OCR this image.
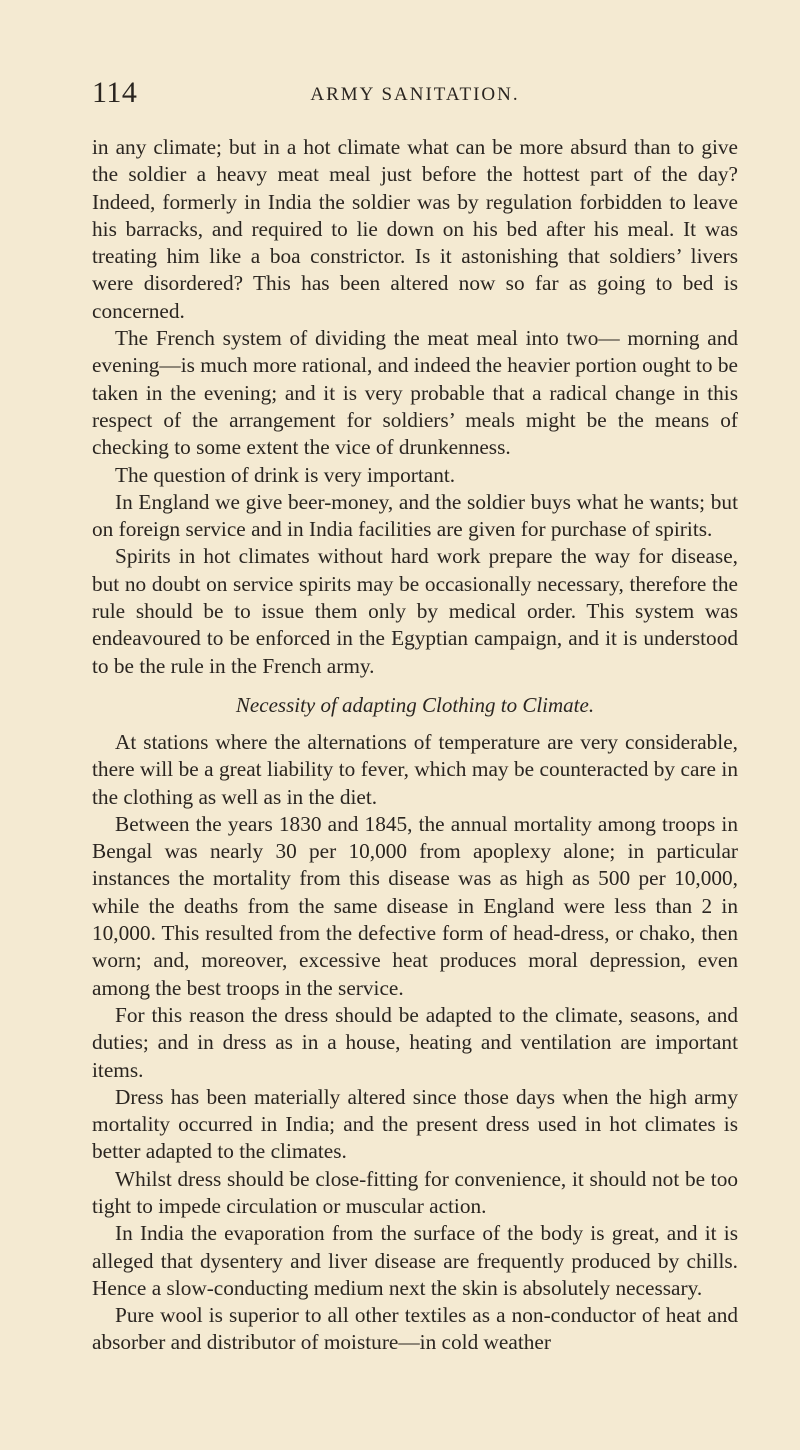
114	ARMY SANITATION.

in any climate; but in a hot climate what can be more absurd than to give the soldier a heavy meat meal just before the hottest part of the day? Indeed, formerly in India the soldier was by regulation forbidden to leave his barracks, and required to lie down on his bed after his meal. It was treating him like a boa constrictor. Is it astonishing that soldiers’ livers were disordered? This has been altered now so far as going to bed is concerned.

The French system of dividing the meat meal into two— morning and evening—is much more rational, and indeed the heavier portion ought to be taken in the evening; and it is very probable that a radical change in this respect of the arrangement for soldiers’ meals might be the means of checking to some extent the vice of drunkenness.

The question of drink is very important.

In England we give beer-money, and the soldier buys what he wants; but on foreign service and in India facilities are given for purchase of spirits.

Spirits in hot climates without hard work prepare the way for disease, but no doubt on service spirits may be occasionally necessary, therefore the rule should be to issue them only by medical order. This system was endeavoured to be enforced in the Egyptian campaign, and it is understood to be the rule in the French army.

Necessity of adapting Clothing to Climate.

At stations where the alternations of temperature are very considerable, there will be a great liability to fever, which may be counteracted by care in the clothing as well as in the diet.

Between the years 1830 and 1845, the annual mortality among troops in Bengal was nearly 30 per 10,000 from apoplexy alone; in particular instances the mortality from this disease was as high as 500 per 10,000, while the deaths from the same disease in England were less than 2 in 10,000. This resulted from the defective form of head-dress, or chako, then worn; and, moreover, excessive heat produces moral depression, even among the best troops in the service.

For this reason the dress should be adapted to the climate, seasons, and duties; and in dress as in a house, heating and ventilation are important items.

Dress has been materially altered since those days when the high army mortality occurred in India; and the present dress used in hot climates is better adapted to the climates.

Whilst dress should be close-fitting for convenience, it should not be too tight to impede circulation or muscular action.

In India the evaporation from the surface of the body is great, and it is alleged that dysentery and liver disease are frequently produced by chills. Hence a slow-conducting medium next the skin is absolutely necessary.

Pure wool is superior to all other textiles as a non-conductor of heat and absorber and distributor of moisture—in cold weather
